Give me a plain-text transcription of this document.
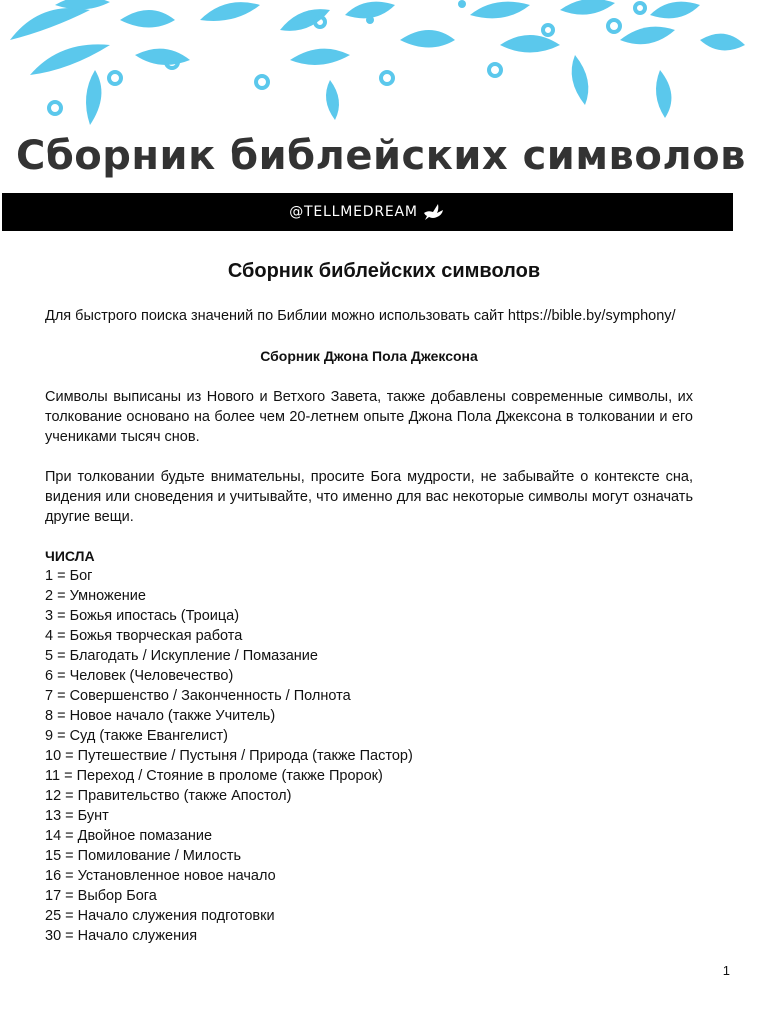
Сборник библейских символов
@TELLMEDREAM
Сборник библейских символов
Для быстрого поиска значений по Библии можно использовать сайт https://bible.by/symphony/
Сборник Джона Пола Джексона
Символы выписаны из Нового и Ветхого Завета, также добавлены современные символы, их толкование основано на более чем 20-летнем опыте Джона Пола Джексона в толковании и его учениками тысяч снов.
При толковании будьте внимательны, просите Бога мудрости, не забывайте о контексте сна, видения или сноведения и учитывайте, что именно для вас некоторые символы могут означать другие вещи.
ЧИСЛА
1 = Бог
2 = Умножение
3 = Божья ипостась (Троица)
4 = Божья творческая работа
5 = Благодать / Искупление / Помазание
6 = Человек (Человечество)
7 = Совершенство / Законченность / Полнота
8 = Новое начало (также Учитель)
9 = Суд (также Евангелист)
10 = Путешествие / Пустыня / Природа (также Пастор)
11 = Переход / Стояние в проломе (также Пророк)
12 = Правительство (также Апостол)
13 = Бунт
14 = Двойное помазание
15 = Помилование / Милость
16 = Установленное новое начало
17 = Выбор Бога
25 = Начало служения подготовки
30 = Начало служения
1
